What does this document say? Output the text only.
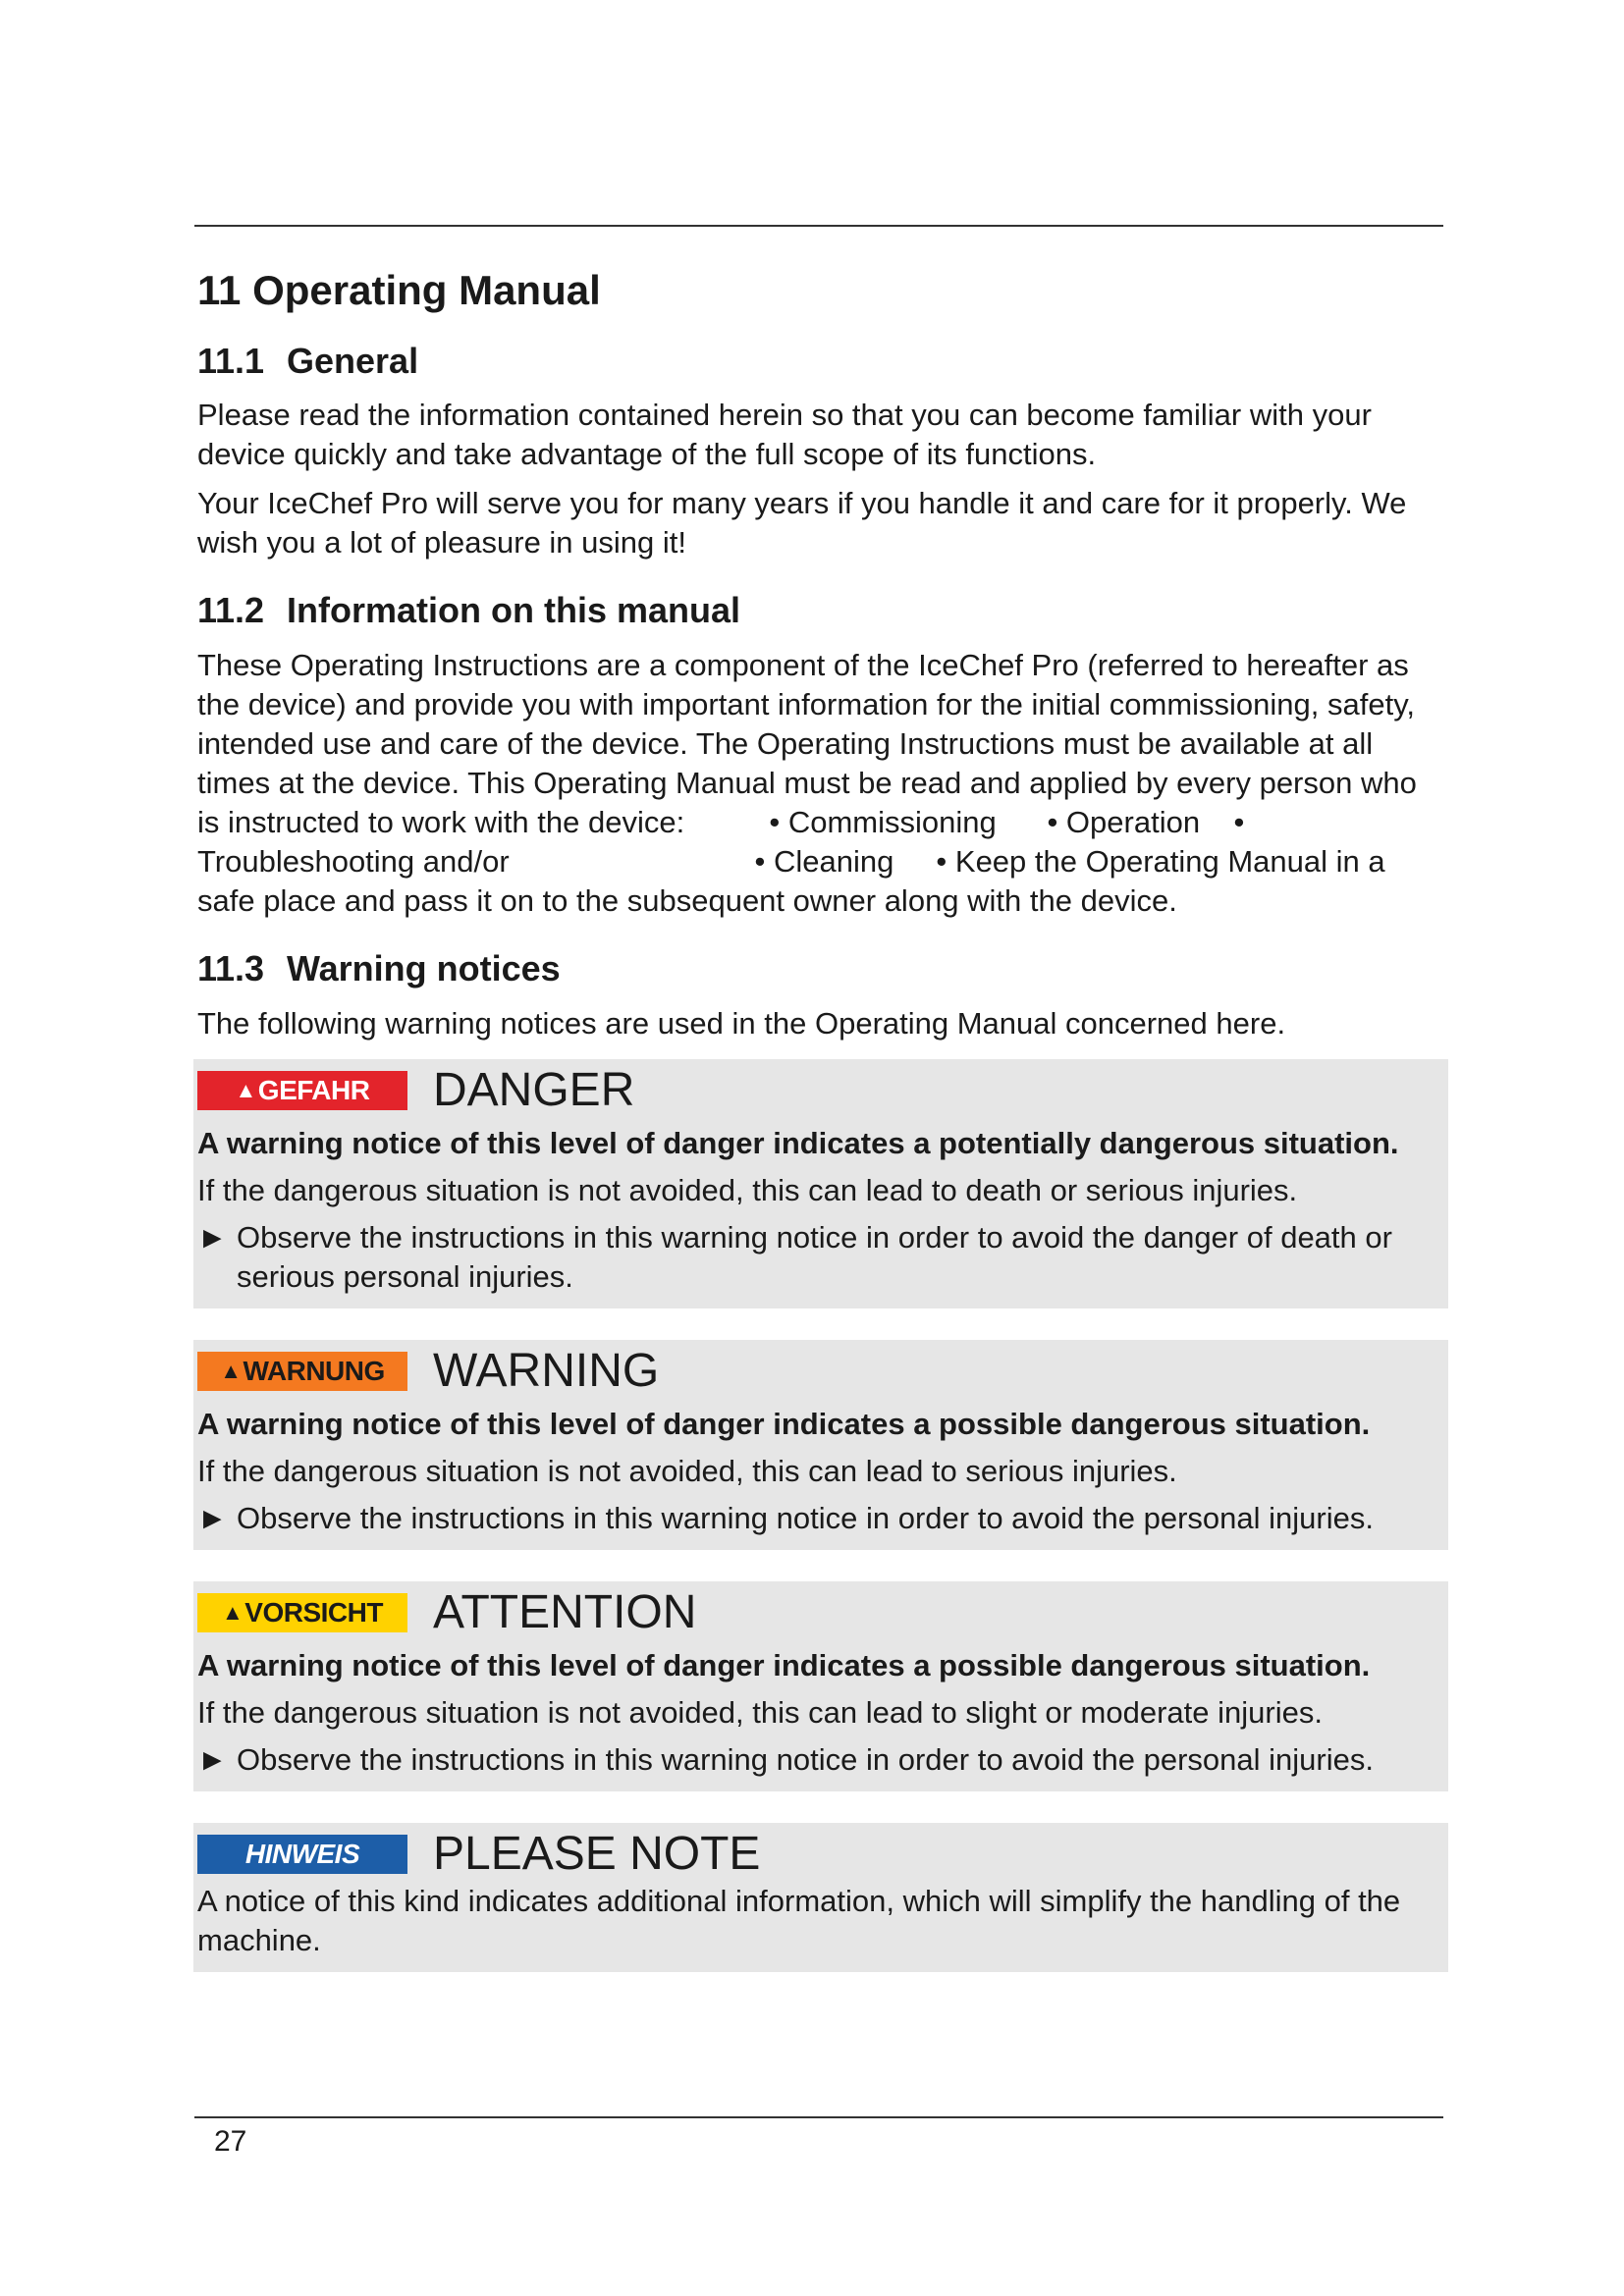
11 Operating Manual
11.1 General

Please read the information contained herein so that you can become familiar with your device quickly and take advantage of the full scope of its functions.

Your IceChef Pro will serve you for many years if you handle it and care for it properly. We wish you a lot of pleasure in using it!

11.2 Information on this manual

These Operating Instructions are a component of the IceChef Pro (referred to hereafter as the device) and provide you with important information for the initial commissioning, safety, intended use and care of the device. The Operating Instructions must be available at all times at the device. This Operating Manual must be read and applied by every person who is instructed to work with the device:	• Commissioning • Operation • Troubleshooting and/or	• Cleaning • Keep the Operating Manual in a safe place and pass it on to the subsequent owner along with the device.

11.3 Warning notices

The following warning notices are used in the Operating Manual concerned here.

▲ GEFAHR DANGER

A warning notice of this level of danger indicates a potentially dangerous situation.

If the dangerous situation is not avoided, this can lead to death or serious injuries.

► Observe the instructions in this warning notice in order to avoid the danger of death or serious personal injuries.

▲ WARNUNG WARNING

A warning notice of this level of danger indicates a possible dangerous situation.

If the dangerous situation is not avoided, this can lead to serious injuries.

► Observe the instructions in this warning notice in order to avoid the personal injuries.

▲ VORSICHT ATTENTION

A warning notice of this level of danger indicates a possible dangerous situation.

If the dangerous situation is not avoided, this can lead to slight or moderate injuries.

► Observe the instructions in this warning notice in order to avoid the personal injuries.

HINWEIS PLEASE NOTE

A notice of this kind indicates additional information, which will simplify the handling of the machine.

27
